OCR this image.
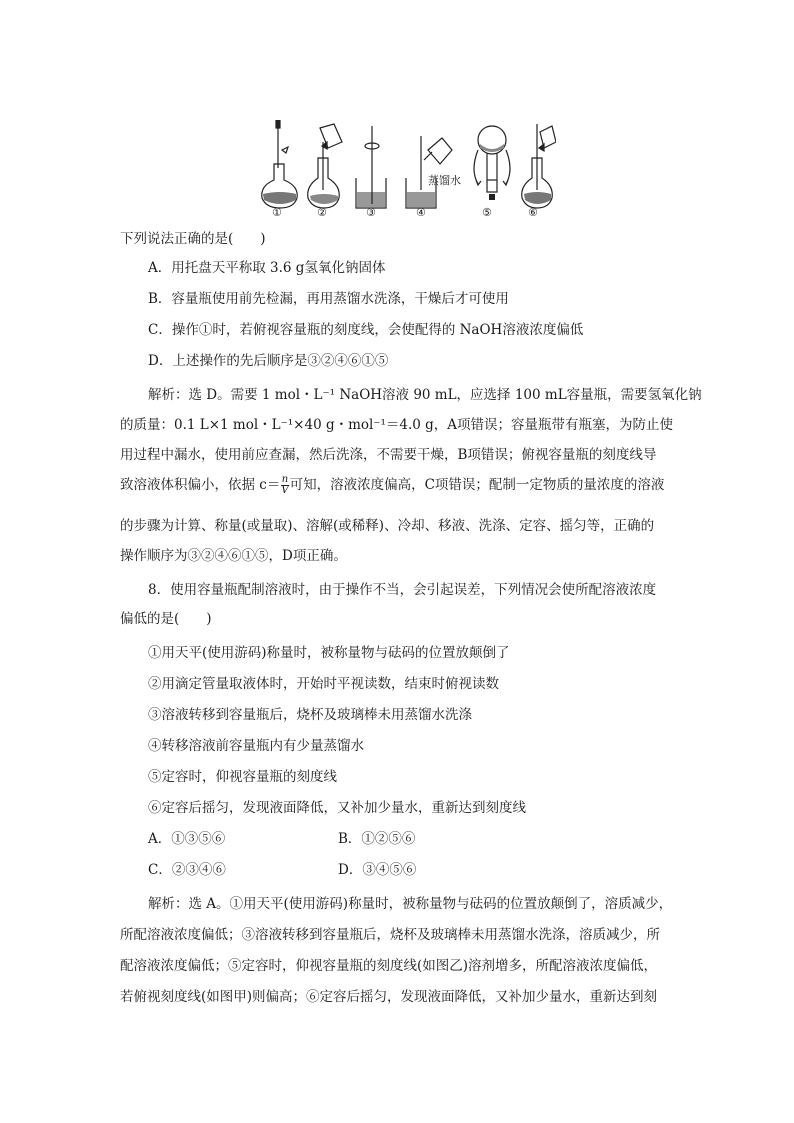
蒸馏水
①	②	③	④	⑤	⑥
下列说法正确的是(　　)
A．用托盘天平称取 3.6 g氢氧化钠固体
B．容量瓶使用前先检漏，再用蒸馏水洗涤，干燥后才可使用
C．操作①时，若俯视容量瓶的刻度线，会使配得的 NaOH溶液浓度偏低
D．上述操作的先后顺序是③②④⑥①⑤
解析：选 D。需要 1 mol・L⁻¹ NaOH溶液 90 mL，应选择 100 mL容量瓶，需要氢氧化钠
的质量：0.1 L×1 mol・L⁻¹×40 g・mol⁻¹＝4.0 g，A项错误；容量瓶带有瓶塞，为防止使
用过程中漏水，使用前应查漏，然后洗涤，不需要干燥，B项错误；俯视容量瓶的刻度线导
致溶液体积偏小，依据 $c= \frac{n}{V}$ 可知，溶液浓度偏高，C项错误；配制一定物质的量浓度的溶液
的步骤为计算、称量(或量取)、溶解(或稀释)、冷却、移液、洗涤、定容、摇匀等，正确的
操作顺序为③②④⑥①⑤，D项正确。
8．使用容量瓶配制溶液时，由于操作不当，会引起误差，下列情况会使所配溶液浓度
偏低的是(　　)
①用天平(使用游码)称量时，被称量物与砝码的位置放颠倒了
②用滴定管量取液体时，开始时平视读数，结束时俯视读数
③溶液转移到容量瓶后，烧杯及玻璃棒未用蒸馏水洗涤
④转移溶液前容量瓶内有少量蒸馏水
⑤定容时，仰视容量瓶的刻度线
⑥定容后摇匀，发现液面降低，又补加少量水，重新达到刻度线
A．①③⑤⑥	B．①②⑤⑥
C．②③④⑥	D．③④⑤⑥
解析：选 A。①用天平(使用游码)称量时，被称量物与砝码的位置放颠倒了，溶质减少，
所配溶液浓度偏低；③溶液转移到容量瓶后，烧杯及玻璃棒未用蒸馏水洗涤，溶质减少，所
配溶液浓度偏低；⑤定容时，仰视容量瓶的刻度线(如图乙)溶剂增多，所配溶液浓度偏低，
若俯视刻度线(如图甲)则偏高；⑥定容后摇匀，发现液面降低，又补加少量水，重新达到刻
